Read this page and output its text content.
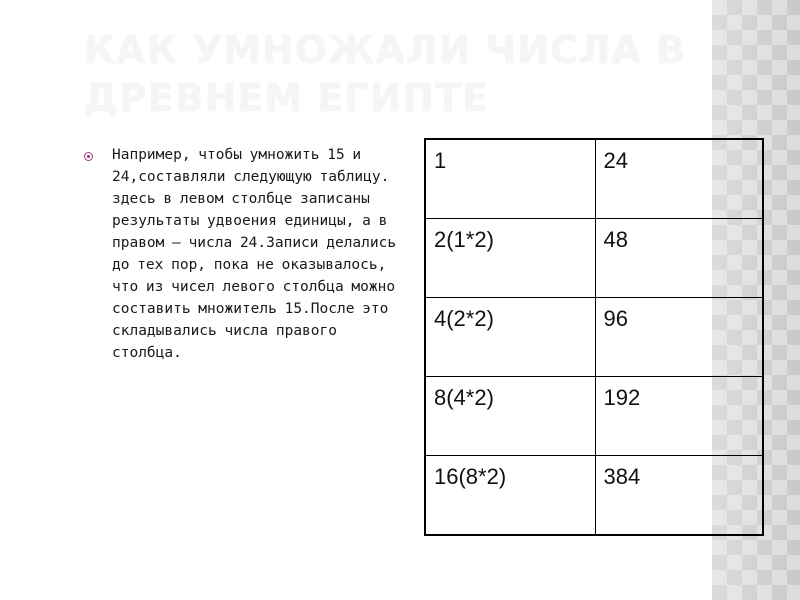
КАК УМНОЖАЛИ ЧИСЛА В ДРЕВНЕМ ЕГИПТЕ

Например, чтобы умножить 15 и 24,составляли следующую таблицу. здесь в левом столбце записаны результаты удвоения единицы, а в правом – числа 24.Записи делались до тех пор, пока не оказывалось, что из чисел левого столбца можно составить множитель 15.После это складывались числа правого столбца.

1	24
2(1*2)	48
4(2*2)	96
8(4*2)	192
16(8*2)	384
